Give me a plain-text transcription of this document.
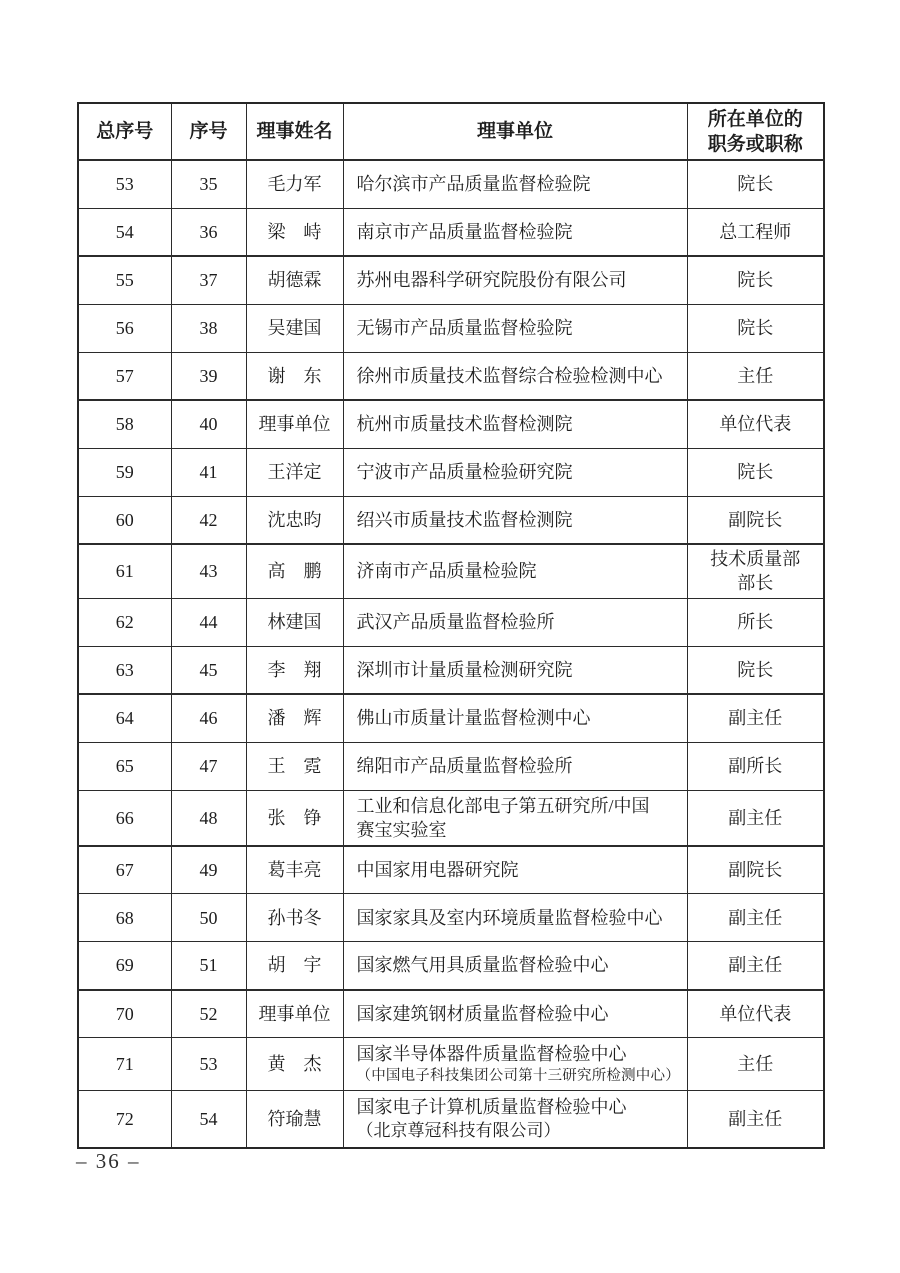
总序号	序号	理事姓名	理事单位	所在单位的
职务或职称
53	35	毛力军	哈尔滨市产品质量监督检验院	院长
54	36	梁　峙	南京市产品质量监督检验院	总工程师
55	37	胡德霖	苏州电器科学研究院股份有限公司	院长
56	38	吴建国	无锡市产品质量监督检验院	院长
57	39	谢　东	徐州市质量技术监督综合检验检测中心	主任
58	40	理事单位	杭州市质量技术监督检测院	单位代表
59	41	王洋定	宁波市产品质量检验研究院	院长
60	42	沈忠昀	绍兴市质量技术监督检测院	副院长
61	43	高　鹏	济南市产品质量检验院	技术质量部
部长
62	44	林建国	武汉产品质量监督检验所	所长
63	45	李　翔	深圳市计量质量检测研究院	院长
64	46	潘　辉	佛山市质量计量监督检测中心	副主任
65	47	王　霓	绵阳市产品质量监督检验所	副所长
66	48	张　铮	工业和信息化部电子第五研究所/中国
赛宝实验室	副主任
67	49	葛丰亮	中国家用电器研究院	副院长
68	50	孙书冬	国家家具及室内环境质量监督检验中心	副主任
69	51	胡　宇	国家燃气用具质量监督检验中心	副主任
70	52	理事单位	国家建筑钢材质量监督检验中心	单位代表
71	53	黄　杰	国家半导体器件质量监督检验中心
（中国电子科技集团公司第十三研究所检测中心）	主任
72	54	符瑜慧	国家电子计算机质量监督检验中心
（北京尊冠科技有限公司）	副主任
– 36 –
